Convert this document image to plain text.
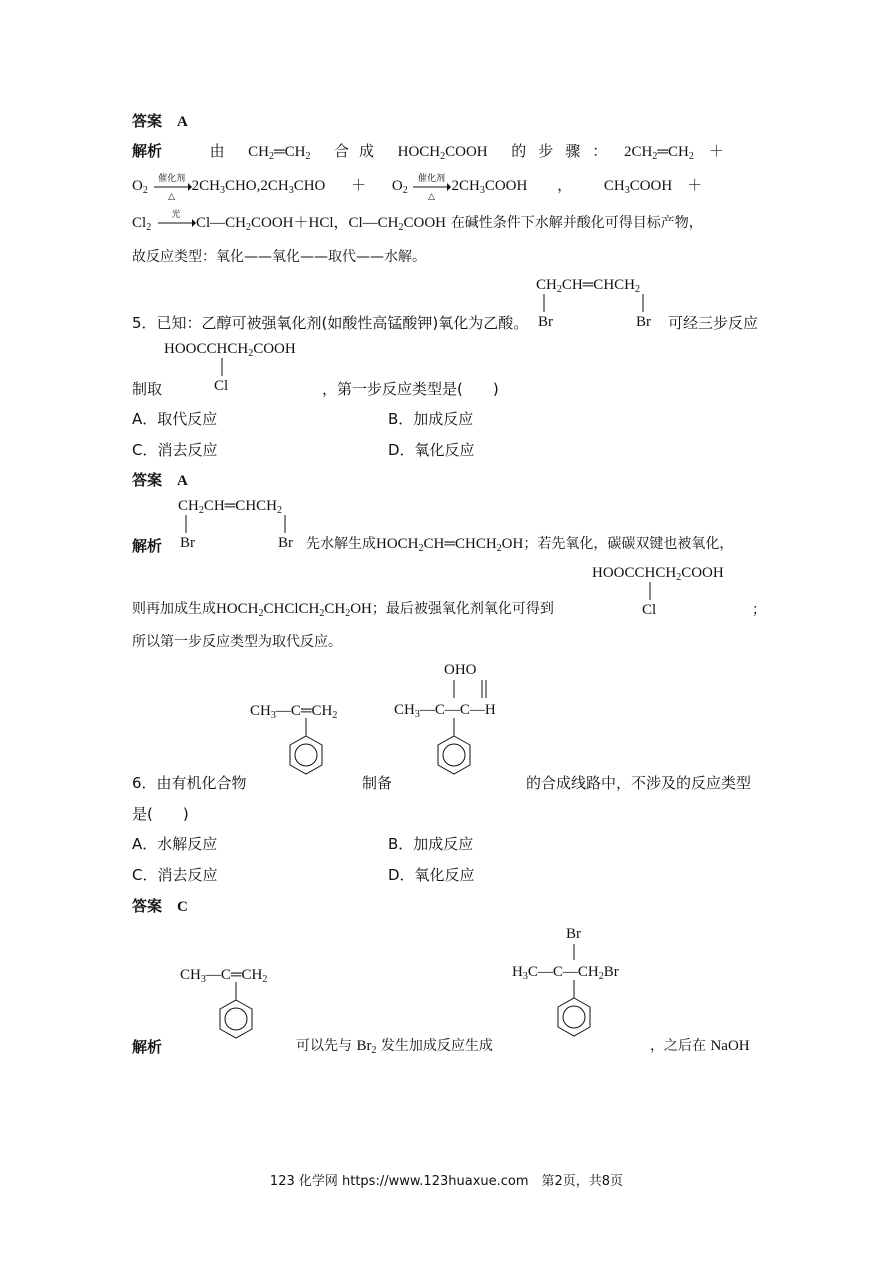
答案　 A
解析	由 $CH_2═CH_2$ 合成 $HOCH_2COOH$ 的步骤： $2CH_2═CH_2$　＋
$O_2$
催化剂
△
$2CH_3CHO,2CH_3CHO + O_2$
催化剂
△
$2CH_3COOH$ ， $CH_3COOH$　＋
$Cl_2$
光	$Cl—CH_2COOH+HCl$，$Cl—CH_2COOH$ 在碱性条件下水解并酸化可得目标产物，
故反应类型：氧化——氧化——取代——水解。
$CH_2CH═CHCH_2$
Br	Br
5．已知：乙醇可被强氧化剂(如酸性高锰酸钾)氧化为乙酸。	可经三步反应
$HOOCCHCH_2COOH$
Cl
制取	，第一步反应类型是(　　)
A．取代反应	B．加成反应
C．消去反应	D．氧化反应
答案　 A
$CH_2CH═CHCH_2$
Br	Br
解析	先水解生成$HOCH_2CH═CHCH_2OH$；若先氧化，碳碳双键也被氧化，
$HOOCCHCH_2COOH$
Cl
则再加成生成$HOCH_2CHClCH_2CH_2OH$；最后被强氧化剂氧化可得到	；
所以第一步反应类型为取代反应。
$CH_3—C═CH_2$
OHO
$CH_3—C—C—H$
6．由有机化合物	制备	的合成线路中，不涉及的反应类型
是(　　)
A．水解反应	B．加成反应
C．消去反应	D．氧化反应
答案　 C
$CH_3—C═CH_2$
Br
$H_3C—C—CH_2Br$
解析	可以先与 $Br_2$ 发生加成反应生成	，之后在 NaOH
123 化学网 https://www.123huaxue.com　第2页，共8页
